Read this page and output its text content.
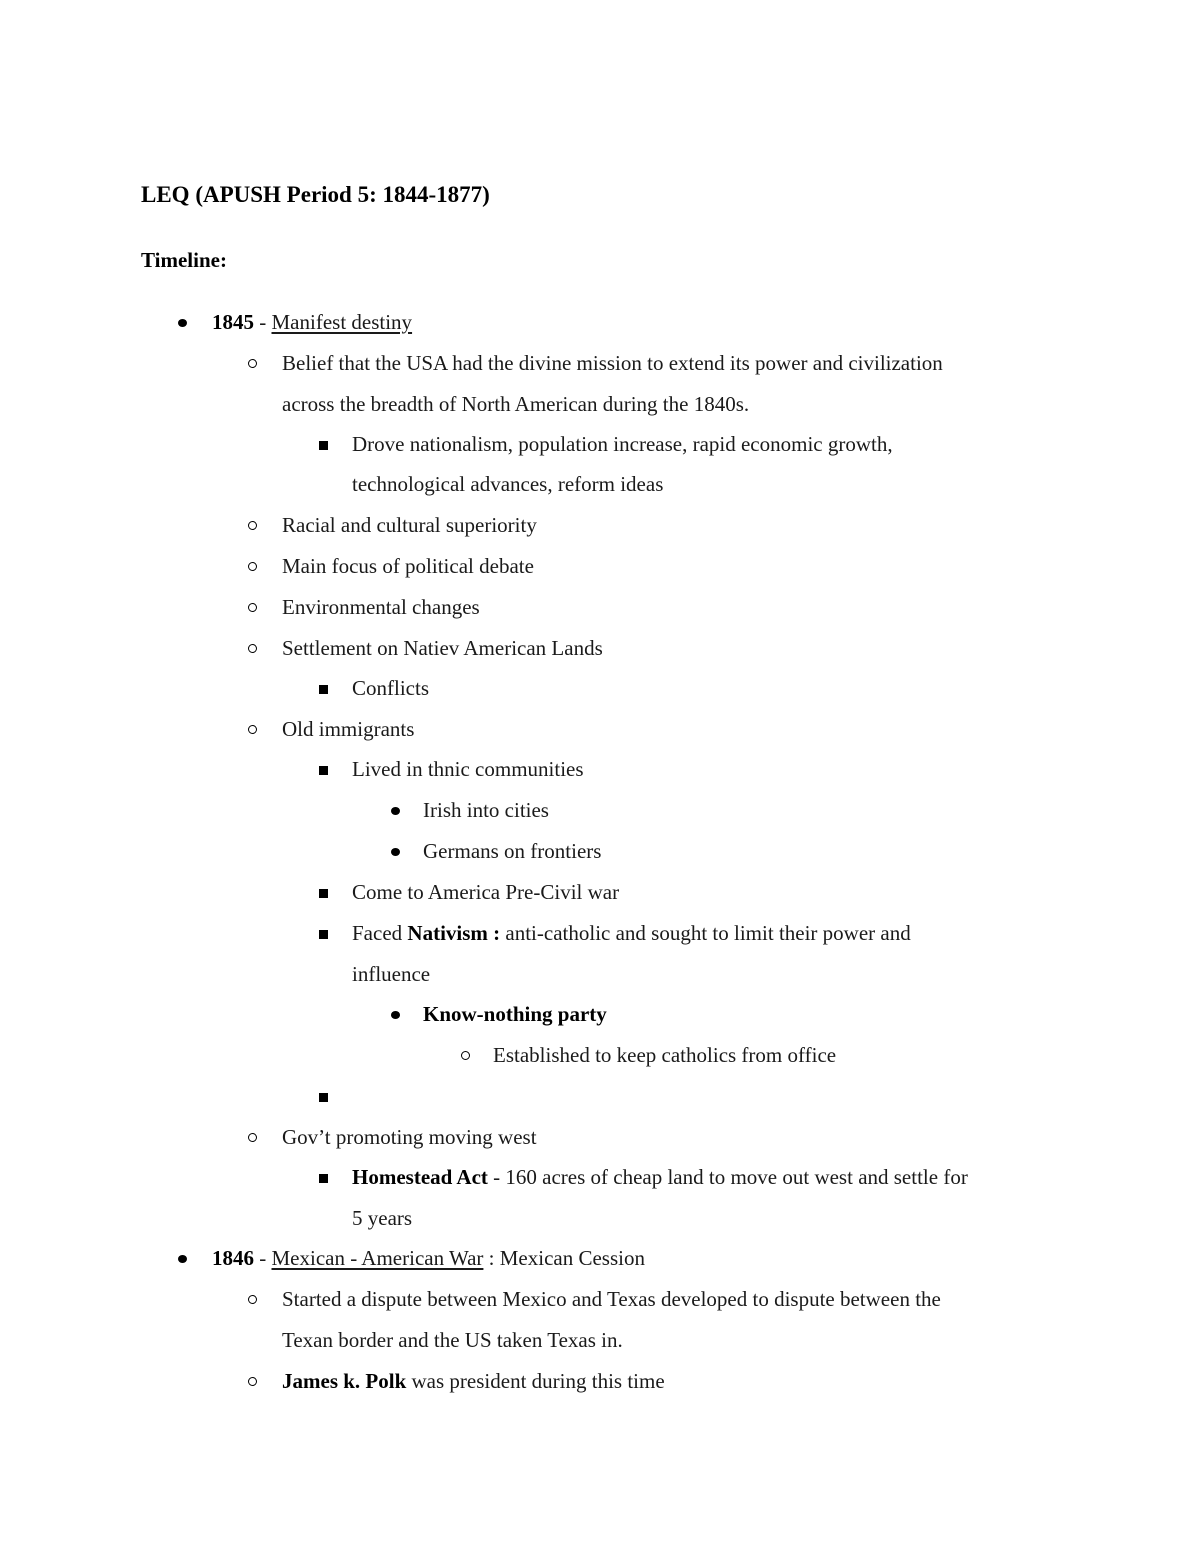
LEQ (APUSH Period 5: 1844-1877)
Timeline:
1845 - Manifest destiny
Belief that the USA had the divine mission to extend its power and civilization
across the breadth of North American during the 1840s.
Drove nationalism, population increase, rapid economic growth,
technological advances, reform ideas
Racial and cultural superiority
Main focus of political debate
Environmental changes
Settlement on Natiev American Lands
Conflicts
Old immigrants
Lived in thnic communities
Irish into cities
Germans on frontiers
Come to America Pre-Civil war
Faced Nativism : anti-catholic and sought to limit their power and
influence
Know-nothing party
Established to keep catholics from office
Gov’t promoting moving west
Homestead Act - 160 acres of cheap land to move out west and settle for
5 years
1846 - Mexican - American War : Mexican Cession
Started a dispute between Mexico and Texas developed to dispute between the
Texan border and the US taken Texas in.
James k. Polk was president during this time
